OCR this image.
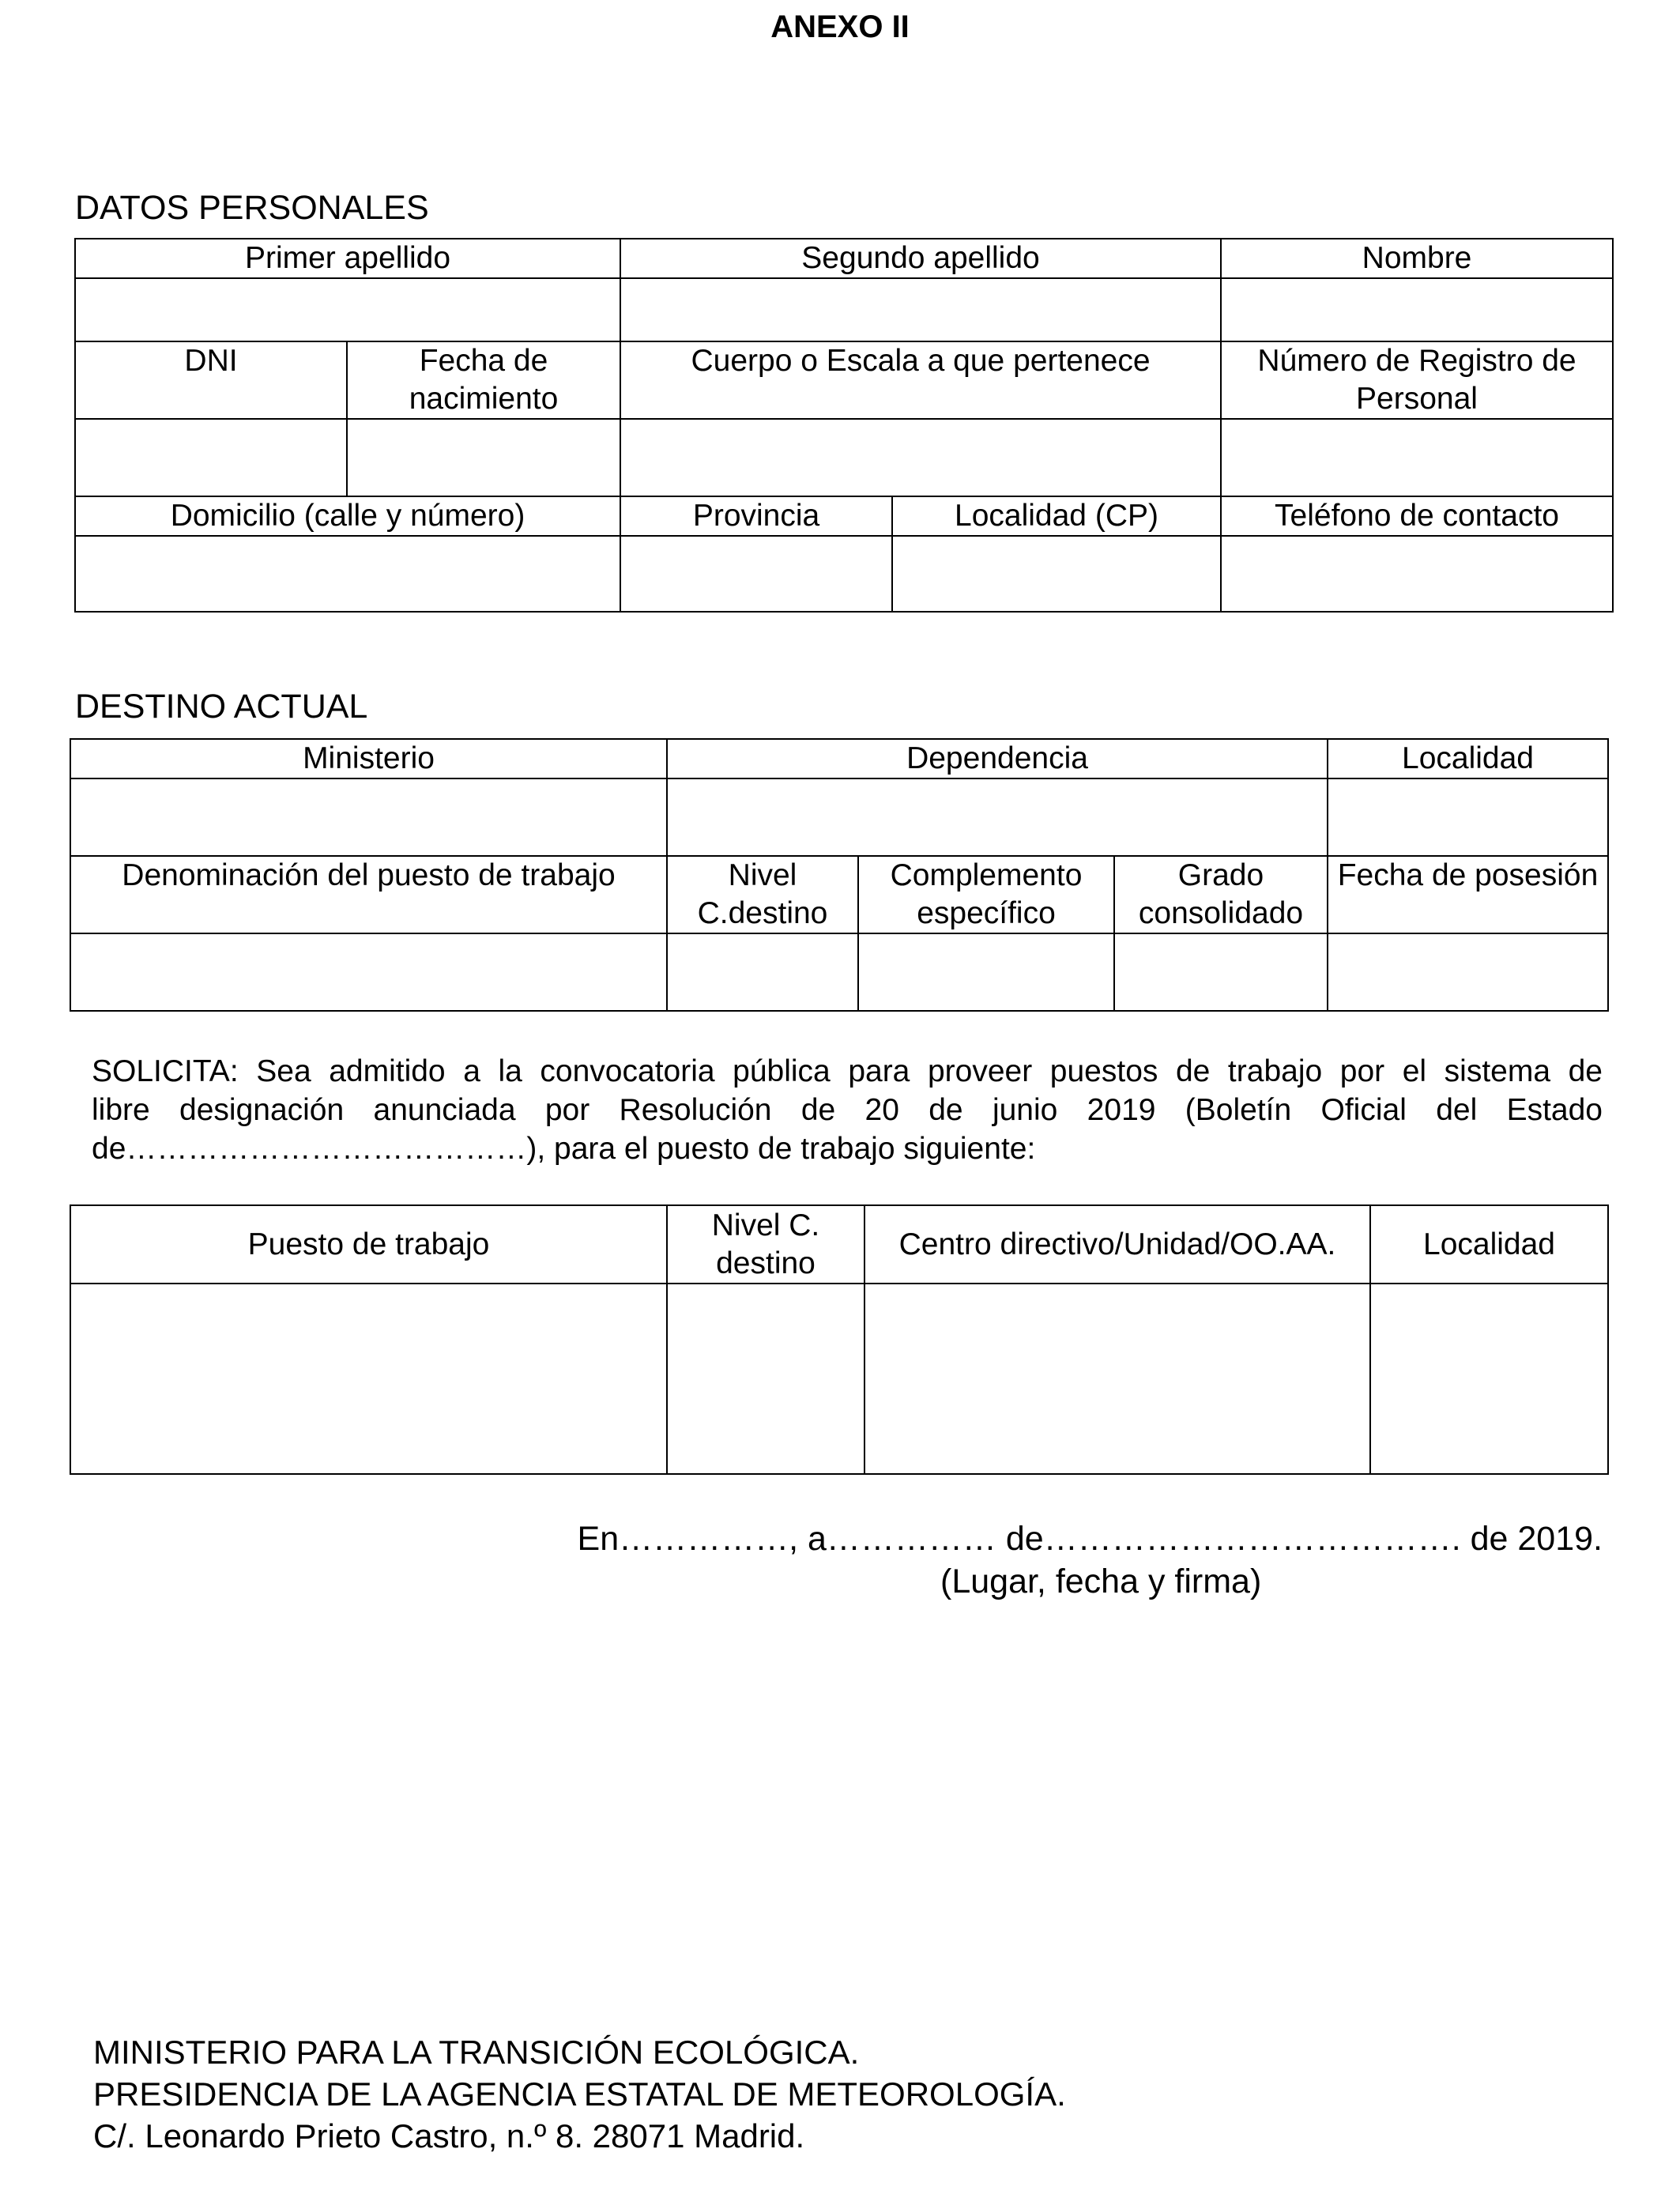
ANEXO II
DATOS PERSONALES
Primer apellido		Segundo apellido		Nombre

DNI	Fecha de nacimiento	Cuerpo o Escala a que pertenece		Número de Registro de Personal

Domicilio (calle y número)		Provincia	Localidad (CP)	Teléfono de contacto

DESTINO ACTUAL
Ministerio	Dependencia			Localidad

Denominación del puesto de trabajo	Nivel C.destino	Complemento específico	Grado consolidado	Fecha de posesión

SOLICITA: Sea admitido a la convocatoria pública para proveer puestos de trabajo por el sistema de
libre designación anunciada por Resolución de 20 de junio 2019 (Boletín Oficial del Estado
de…………………………………), para el puesto de trabajo siguiente:
Puesto de trabajo	Nivel C. destino	Centro directivo/Unidad/OO.AA.	Localidad

En……………, a…………… de………………………………. de 2019.
(Lugar, fecha y firma)
MINISTERIO PARA LA TRANSICIÓN ECOLÓGICA.
PRESIDENCIA DE LA AGENCIA ESTATAL DE METEOROLOGÍA.
C/. Leonardo Prieto Castro, n.º 8. 28071 Madrid.
